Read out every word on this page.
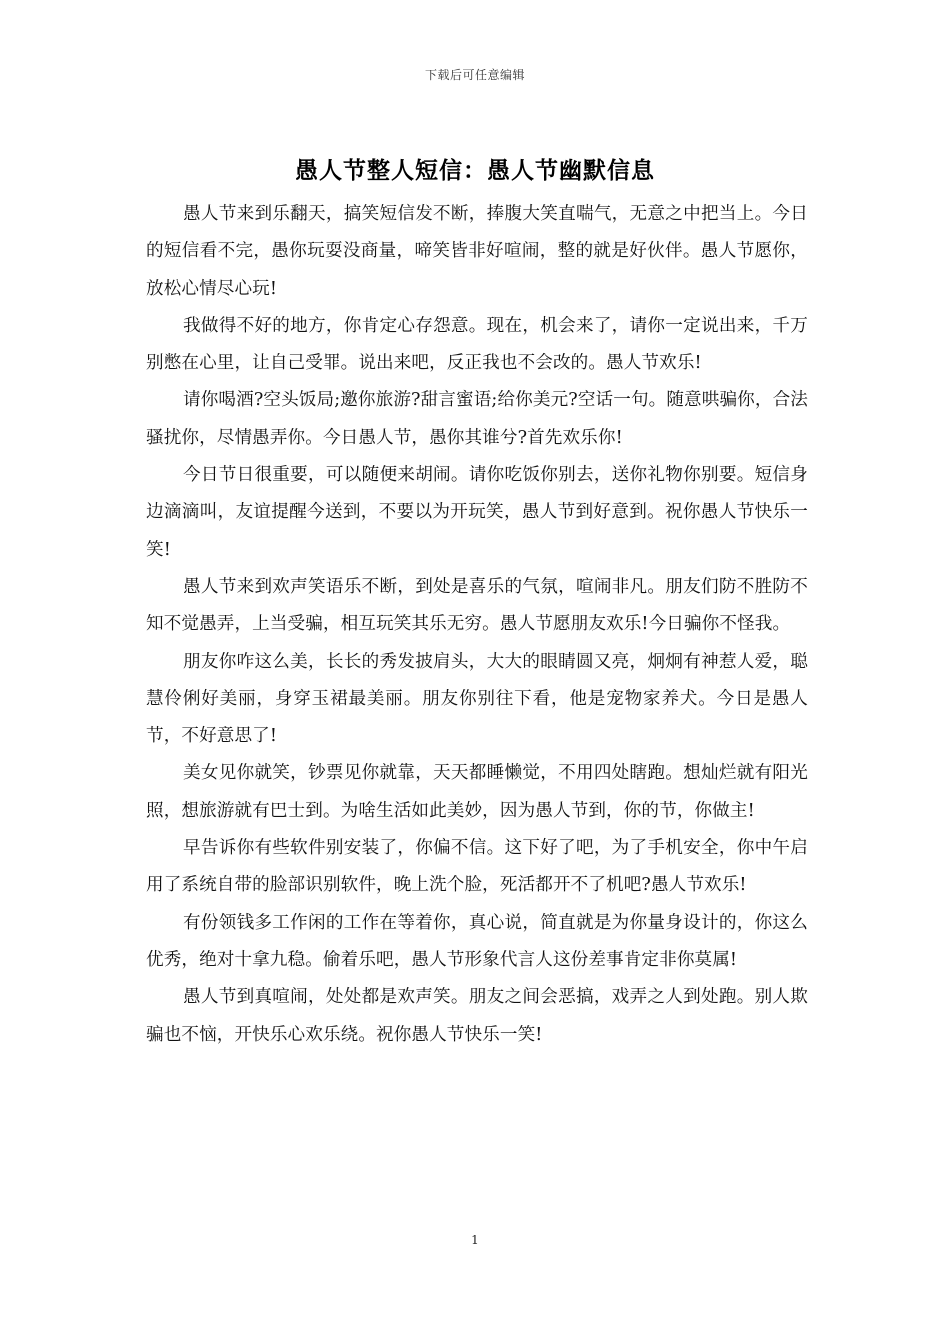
下载后可任意编辑
愚人节整人短信：愚人节幽默信息

愚人节来到乐翻天，搞笑短信发不断，捧腹大笑直喘气，无意之中把当上。今日的短信看不完，愚你玩耍没商量，啼笑皆非好喧闹，整的就是好伙伴。愚人节愿你，放松心情尽心玩!

我做得不好的地方，你肯定心存怨意。现在，机会来了，请你一定说出来，千万别憋在心里，让自己受罪。说出来吧，反正我也不会改的。愚人节欢乐!

请你喝酒?空头饭局;邀你旅游?甜言蜜语;给你美元?空话一句。随意哄骗你，合法骚扰你，尽情愚弄你。今日愚人节，愚你其谁兮?首先欢乐你!

今日节日很重要，可以随便来胡闹。请你吃饭你别去，送你礼物你别要。短信身边滴滴叫，友谊提醒今送到，不要以为开玩笑，愚人节到好意到。祝你愚人节快乐一笑!

愚人节来到欢声笑语乐不断，到处是喜乐的气氛，喧闹非凡。朋友们防不胜防不知不觉愚弄，上当受骗，相互玩笑其乐无穷。愚人节愿朋友欢乐!今日骗你不怪我。

朋友你咋这么美，长长的秀发披肩头，大大的眼睛圆又亮，炯炯有神惹人爱，聪慧伶俐好美丽，身穿玉裙最美丽。朋友你别往下看，他是宠物家养犬。今日是愚人节，不好意思了!

美女见你就笑，钞票见你就靠，天天都睡懒觉，不用四处瞎跑。想灿烂就有阳光照，想旅游就有巴士到。为啥生活如此美妙，因为愚人节到，你的节，你做主!

早告诉你有些软件别安装了，你偏不信。这下好了吧，为了手机安全，你中午启用了系统自带的脸部识别软件，晚上洗个脸，死活都开不了机吧?愚人节欢乐!

有份领钱多工作闲的工作在等着你，真心说，简直就是为你量身设计的，你这么优秀，绝对十拿九稳。偷着乐吧，愚人节形象代言人这份差事肯定非你莫属!

愚人节到真喧闹，处处都是欢声笑。朋友之间会恶搞，戏弄之人到处跑。别人欺骗也不恼，开快乐心欢乐绕。祝你愚人节快乐一笑!

1
